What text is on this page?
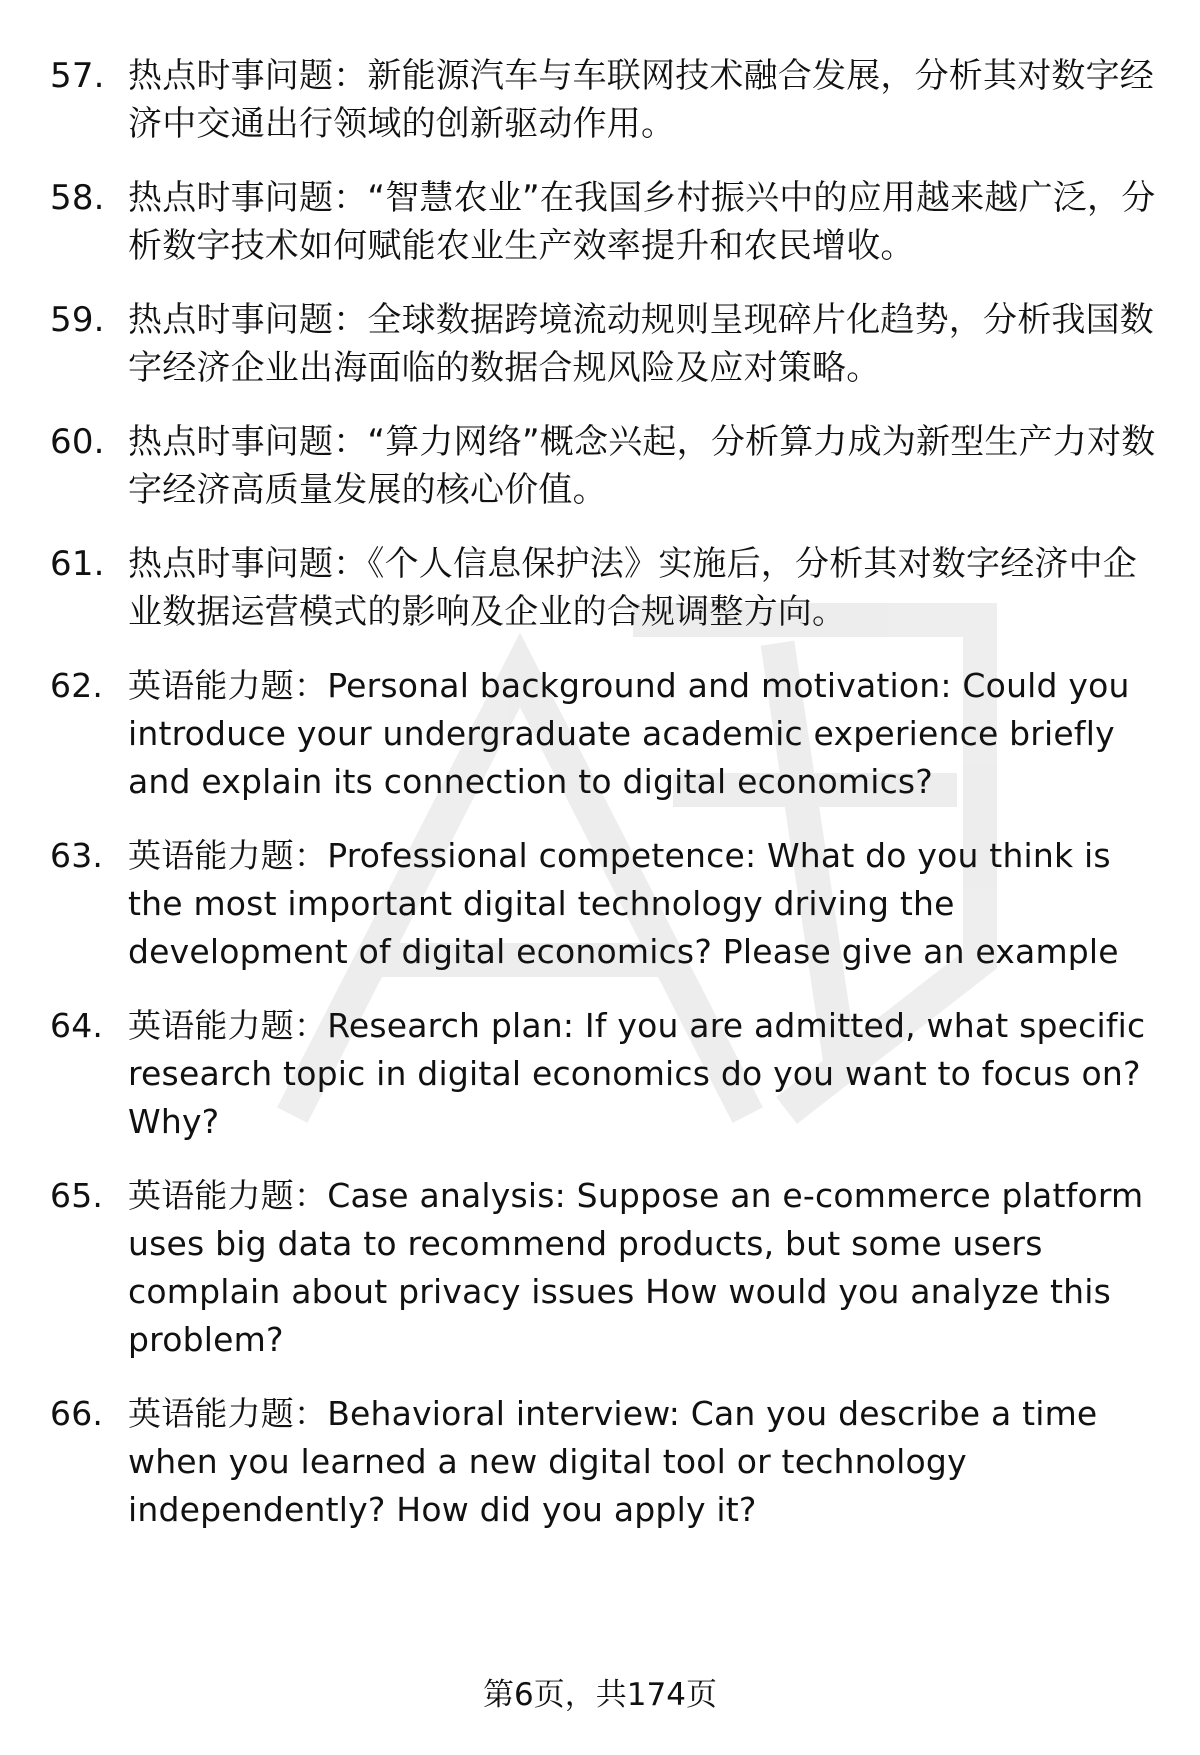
57. 热点时事问题：新能源汽车与车联网技术融合发展，分析其对数字经济中交通出行领域的创新驱动作用。
58. 热点时事问题：“智慧农业”在我国乡村振兴中的应用越来越广泛，分析数字技术如何赋能农业生产效率提升和农民增收。
59. 热点时事问题：全球数据跨境流动规则呈现碎片化趋势，分析我国数字经济企业出海面临的数据合规风险及应对策略。
60. 热点时事问题：“算力网络”概念兴起，分析算力成为新型生产力对数字经济高质量发展的核心价值。
61. 热点时事问题：《个人信息保护法》实施后，分析其对数字经济中企业数据运营模式的影响及企业的合规调整方向。
62. 英语能力题：Personal background and motivation: Could you introduce your undergraduate academic experience briefly and explain its connection to digital economics?
63. 英语能力题：Professional competence: What do you think is the most important digital technology driving the development of digital economics? Please give an example
64. 英语能力题：Research plan: If you are admitted, what specific research topic in digital economics do you want to focus on? Why?
65. 英语能力题：Case analysis: Suppose an e-commerce platform uses big data to recommend products, but some users complain about privacy issues How would you analyze this problem?
66. 英语能力题：Behavioral interview: Can you describe a time when you learned a new digital tool or technology independently? How did you apply it?
第6页，共174页
